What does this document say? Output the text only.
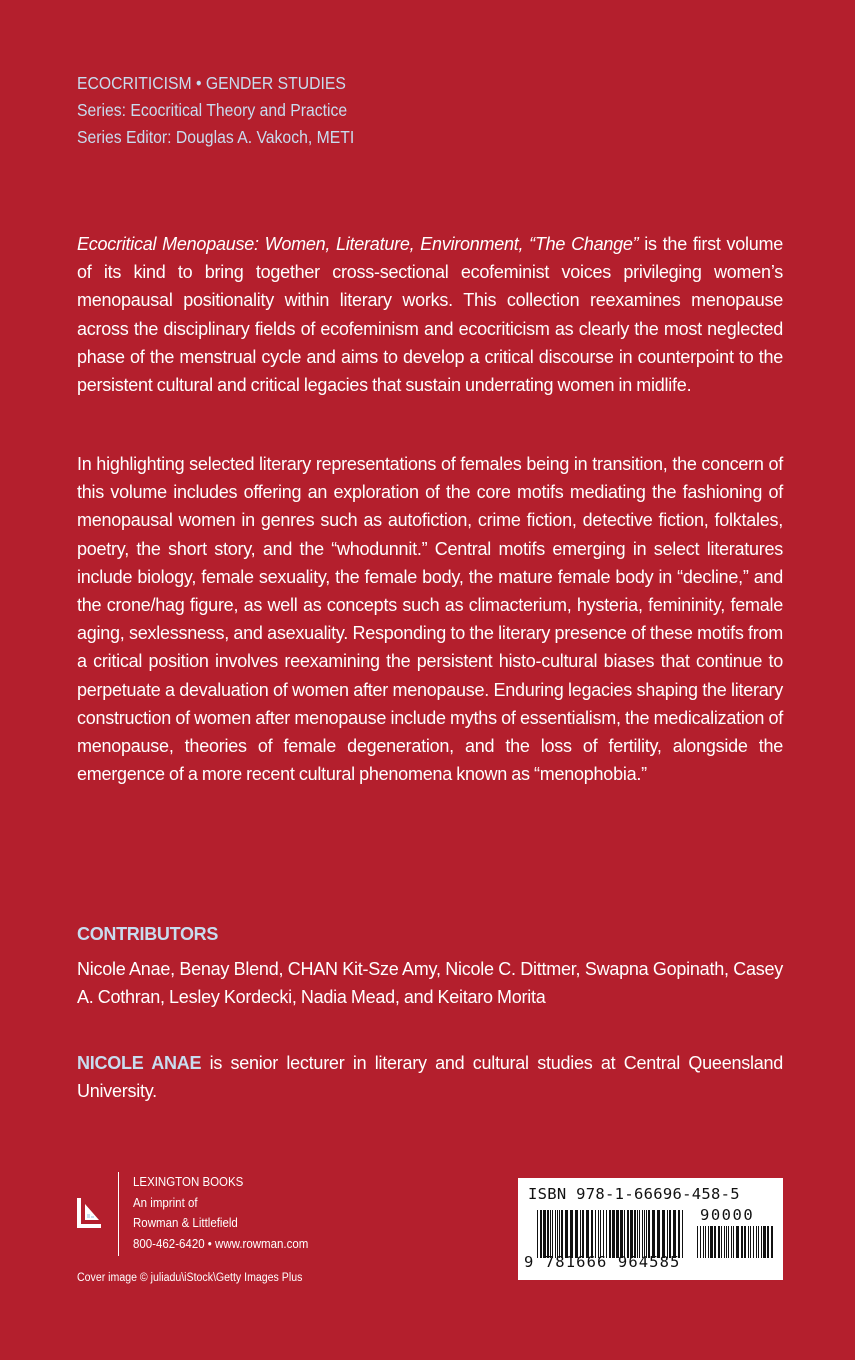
ECOCRITICISM • GENDER STUDIES
Series: Ecocritical Theory and Practice
Series Editor: Douglas A. Vakoch, METI
Ecocritical Menopause: Women, Literature, Environment, “The Change” is the first volume of its kind to bring together cross-sectional ecofeminist voices privileging women’s menopausal positionality within literary works. This collection reexamines menopause across the disciplinary fields of ecofeminism and ecocriticism as clearly the most neglected phase of the menstrual cycle and aims to develop a critical discourse in counterpoint to the persistent cultural and critical legacies that sustain underrating women in midlife.
In highlighting selected literary representations of females being in transition, the concern of this volume includes offering an exploration of the core motifs mediating the fashioning of menopausal women in genres such as autofiction, crime fiction, detective fiction, folktales, poetry, the short story, and the “whodunnit.” Central motifs emerging in select literatures include biology, female sexuality, the female body, the mature female body in “decline,” and the crone/hag figure, as well as concepts such as climacterium, hysteria, femininity, female aging, sexlessness, and asexuality. Responding to the literary presence of these motifs from a critical position involves reexamining the persistent histo-cultural biases that continue to perpetuate a devaluation of women after menopause. Enduring legacies shaping the literary construction of women after menopause include myths of essentialism, the medicalization of menopause, theories of female degeneration, and the loss of fertility, alongside the emergence of a more recent cultural phenomena known as “menophobia.”
CONTRIBUTORS
Nicole Anae, Benay Blend, CHAN Kit-Sze Amy, Nicole C. Dittmer, Swapna Gopinath, Casey A. Cothran, Lesley Kordecki, Nadia Mead, and Keitaro Morita
NICOLE ANAE is senior lecturer in literary and cultural studies at Central Queensland University.
LEXINGTON BOOKS
An imprint of
Rowman & Littlefield
800-462-6420 • www.rowman.com
Cover image © juliadu\iStock\Getty Images Plus
ISBN 978-1-66696-458-5
90000
9 781666 964585
